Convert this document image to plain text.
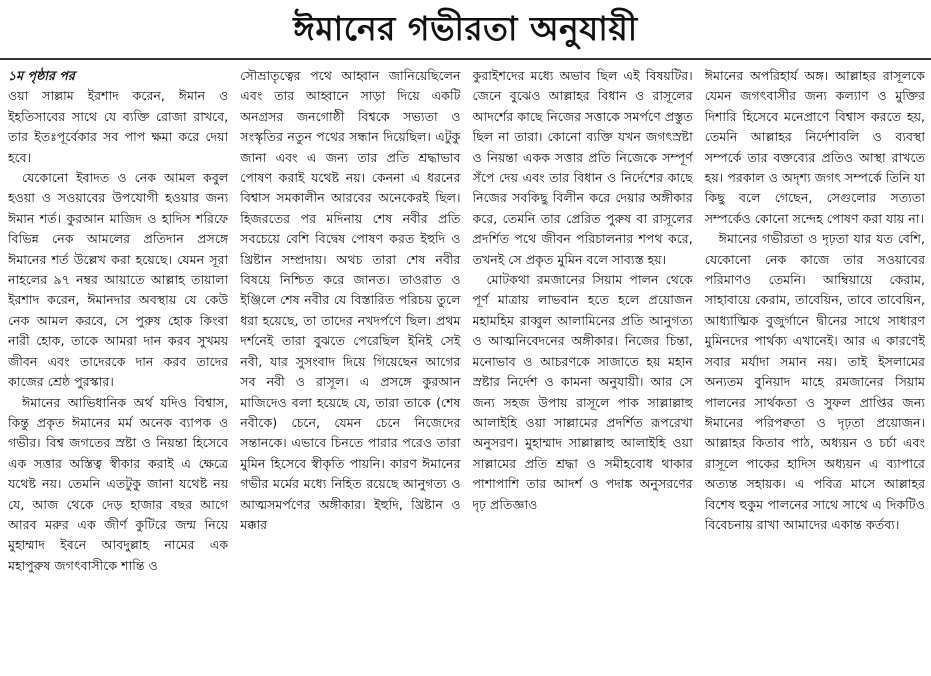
ঈমানের গভীরতা অনুযায়ী
১ম পৃষ্ঠার পর

ওয়া সাল্লাম ইরশাদ করেন, ঈমান ও ইহতিসাবের সাথে যে ব্যক্তি রোজা রাখবে, তার ইতঃপূর্বেকার সব পাপ ক্ষমা করে দেয়া হবে।

যেকোনো ইবাদত ও নেক আমল কবুল হওয়া ও সওয়াবের উপযোগী হওয়ার জন্য ঈমান শর্ত। কুরআন মাজিদ ও হাদিস শরিফে বিভিন্ন নেক আমলের প্রতিদান প্রসঙ্গে ঈমানের শর্ত উল্লেখ করা হয়েছে। যেমন সূরা নাহলের ৯৭ নম্বর আয়াতে আল্লাহ তায়ালা ইরশাদ করেন, ঈমানদার অবস্থায় যে কেউ নেক আমল করবে, সে পুরুষ হোক কিংবা নারী হোক, তাকে আমরা দান করব সুখময় জীবন এবং তাদেরকে দান করব তাদের কাজের শ্রেষ্ঠ পুরস্কার।

ঈমানের আভিধানিক অর্থ যদিও বিশ্বাস, কিন্তু প্রকৃত ঈমানের মর্ম অনেক ব্যাপক ও গভীর। বিশ্ব জগতের স্রষ্টা ও নিয়ন্তা হিসেবে এক সত্তার অস্তিত্ব স্বীকার করাই এ ক্ষেত্রে যথেষ্ট নয়। তেমনি এতটুকু জানা যথেষ্ট নয় যে, আজ থেকে দেড় হাজার বছর আগে আরব মরুর এক জীর্ণ কুটিরে জন্ম নিয়ে মুহাম্মাদ ইবনে আবদুল্লাহ নামের এক মহাপুরুষ জগৎবাসীকে শান্তি ও

সৌভ্রাতৃত্বের পথে আহ্বান জানিয়েছিলেন এবং তার আহ্বানে সাড়া দিয়ে একটি অনগ্রসর জনগোষ্ঠী বিশ্বকে সভ্যতা ও সংস্কৃতির নতুন পথের সন্ধান দিয়েছিল। এটুকু জানা এবং এ জন্য তার প্রতি শ্রদ্ধাভাব পোষণ করাই যথেষ্ট নয়। কেননা এ ধরনের বিশ্বাস সমকালীন আরবের অনেকেরই ছিল। হিজরতের পর মদিনায় শেষ নবীর প্রতি সবচেয়ে বেশি বিদ্বেষ পোষণ করত ইহুদি ও খ্রিষ্টান সম্প্রদায়। অথচ তারা শেষ নবীর বিষয়ে নিশ্চিত করে জানত। তাওরাত ও ইঞ্জিলে শেষ নবীর যে বিস্তারিত পরিচয় তুলে ধরা হয়েছে, তা তাদের নখদর্পণে ছিল। প্রথম দর্শনেই তারা বুঝতে পেরেছিল ইনিই সেই নবী, যার সুসংবাদ দিয়ে গিয়েছেন আগের সব নবী ও রাসূল। এ প্রসঙ্গে কুরআন মাজিদেও বলা হয়েছে যে, তারা তাকে (শেষ নবীকে) চেনে, যেমন চেনে নিজেদের সন্তানকে। এভাবে চিনতে পারার পরেও তারা মুমিন হিসেবে স্বীকৃতি পায়নি। কারণ ঈমানের গভীর মর্মের মধ্যে নিহিত রয়েছে আনুগত্য ও আত্মসমর্পণের অঙ্গীকার। ইহুদি, খ্রিষ্টান ও মক্কার

কুরাইশদের মধ্যে অভাব ছিল এই বিষয়টির। জেনে বুঝেও আল্লাহর বিধান ও রাসূলের আদর্শের কাছে নিজের সত্তাকে সমর্পণে প্রস্তুত ছিল না তারা। কোনো ব্যক্তি যখন জগৎস্রষ্টা ও নিয়ন্তা একক সত্তার প্রতি নিজেকে সম্পূর্ণ সঁপে দেয় এবং তার বিধান ও নির্দেশের কাছে নিজের সবকিছু বিলীন করে দেয়ার অঙ্গীকার করে, তেমনি তার প্রেরিত পুরুষ বা রাসূলের প্রদর্শিত পথে জীবন পরিচালনার শপথ করে, তখনই সে প্রকৃত মুমিন বলে সাব্যস্ত হয়।

মোটকথা রমজানের সিয়াম পালন থেকে পূর্ণ মাত্রায় লাভবান হতে হলে প্রয়োজন মহামহিম রাব্বুল আলামিনের প্রতি আনুগত্য ও আত্মনিবেদনের অঙ্গীকার। নিজের চিন্তা, মনোভাব ও আচরণকে সাজাতে হয় মহান স্রষ্টার নির্দেশ ও কামনা অনুযায়ী। আর সে জন্য সহজ উপায় রাসূলে পাক সাল্লাল্লাহু আলাইহি ওয়া সাল্লামের প্রদর্শিত রূপরেখা অনুসরণ। মুহাম্মাদ সাল্লাল্লাহু আলাইহি ওয়া সাল্লামের প্রতি শ্রদ্ধা ও সমীহবোধ থাকার পাশাপাশি তার আদর্শ ও পদাঙ্ক অনুসরণের দৃঢ় প্রতিজ্ঞাও

ঈমানের অপরিহার্য অঙ্গ। আল্লাহর রাসূলকে যেমন জগৎবাসীর জন্য কল্যাণ ও মুক্তির দিশারি হিসেবে মনেপ্রাণে বিশ্বাস করতে হয়, তেমনি আল্লাহর নির্দেশাবলি ও ব্যবস্থা সম্পর্কে তার বক্তব্যের প্রতিও আস্থা রাখতে হয়। পরকাল ও অদৃশ্য জগৎ সম্পর্কে তিনি যা কিছু বলে গেছেন, সেগুলোর সত্যতা সম্পর্কেও কোনো সন্দেহ পোষণ করা যায় না।

ঈমানের গভীরতা ও দৃঢ়তা যার যত বেশি, যেকোনো নেক কাজে তার সওয়াবের পরিমাণও তেমনি। আম্বিয়ায়ে কেরাম, সাহাবায়ে কেরাম, তাবেয়িন, তাবে তাবেয়িন, আধ্যাত্মিক বুজুর্গানে দ্বীনের সাথে সাধারণ মুমিনদের পার্থক্য এখানেই। আর এ কারণেই সবার মর্যাদা সমান নয়। তাই ইসলামের অন্যতম বুনিয়াদ মাহে রমজানের সিয়াম পালনের সার্থকতা ও সুফল প্রাপ্তির জন্য ঈমানের পরিপক্বতা ও দৃঢ়তা প্রয়োজন। আল্লাহর কিতাব পাঠ, অধ্যয়ন ও চর্চা এবং রাসূলে পাকের হাদিস অধ্যয়ন এ ব্যাপারে অত্যন্ত সহায়ক। এ পবিত্র মাসে আল্লাহর বিশেষ হুকুম পালনের সাথে সাথে এ দিকটিও বিবেচনায় রাখা আমাদের একান্ত কর্তব্য।
